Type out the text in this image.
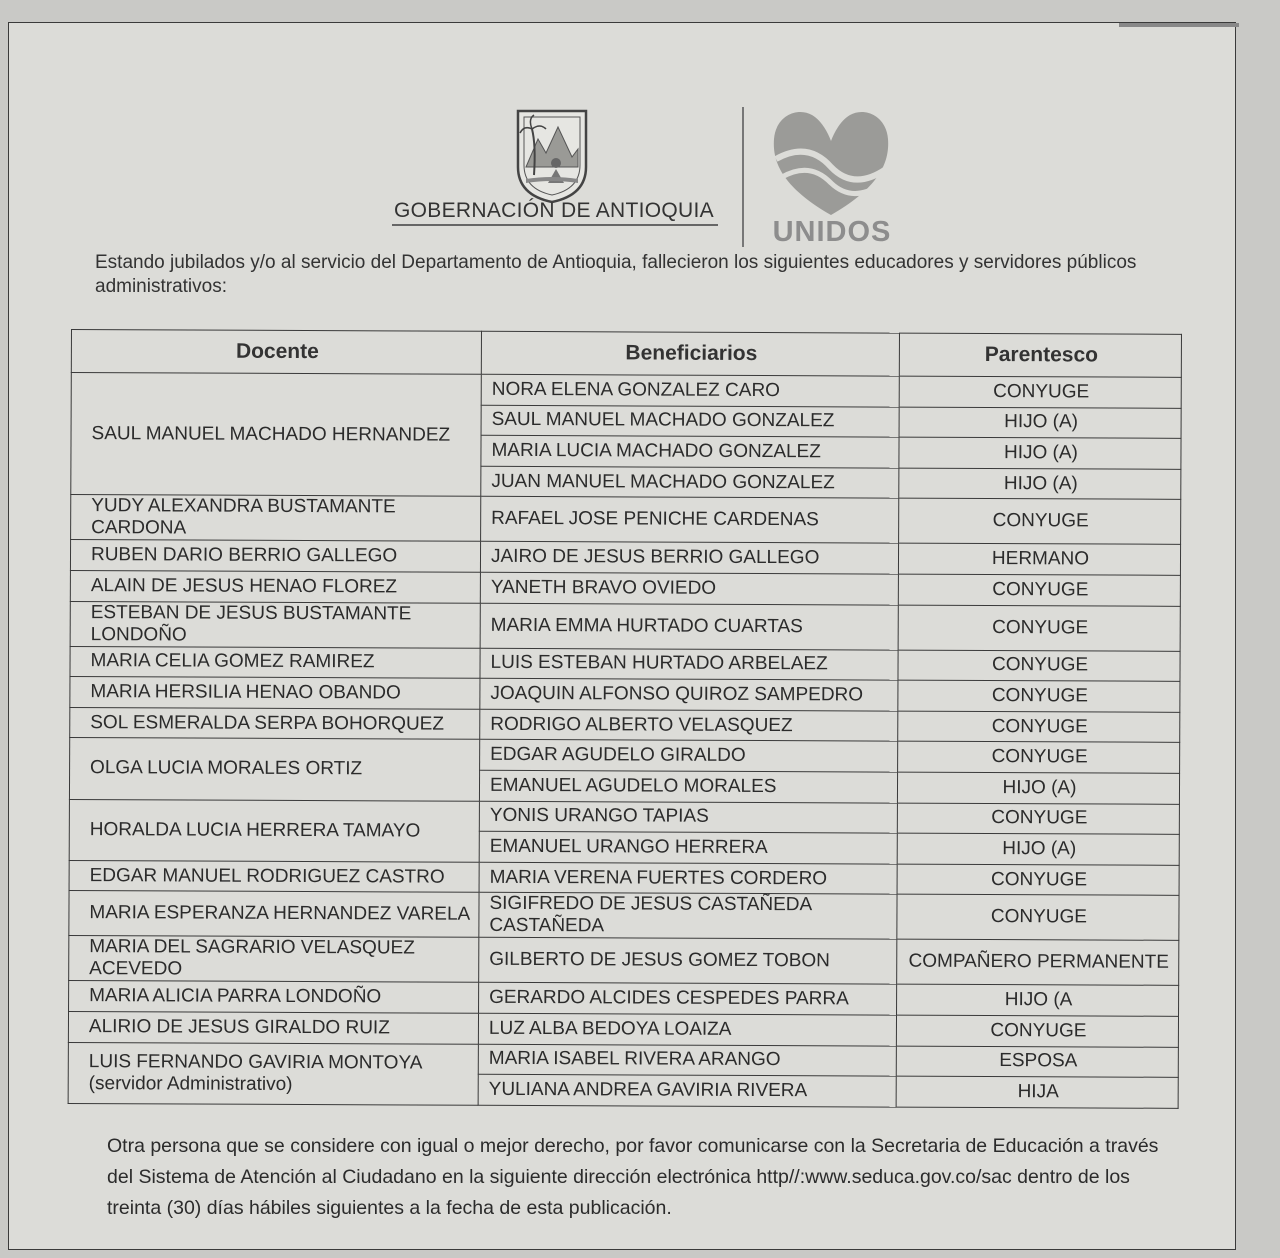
GOBERNACIÓN DE ANTIOQUIA
UNIDOS
Estando jubilados y/o al servicio del Departamento de Antioquia, fallecieron los siguientes educadores y servidores públicos administrativos:
Docente	Beneficiarios	Parentesco
SAUL MANUEL MACHADO HERNANDEZ	NORA ELENA GONZALEZ CARO	CONYUGE
	SAUL MANUEL MACHADO GONZALEZ	HIJO (A)
	MARIA LUCIA MACHADO GONZALEZ	HIJO (A)
	JUAN MANUEL MACHADO GONZALEZ	HIJO (A)
YUDY ALEXANDRA BUSTAMANTE CARDONA	RAFAEL JOSE PENICHE CARDENAS	CONYUGE
RUBEN DARIO BERRIO GALLEGO	JAIRO DE JESUS BERRIO GALLEGO	HERMANO
ALAIN DE JESUS HENAO FLOREZ	YANETH BRAVO OVIEDO	CONYUGE
ESTEBAN DE JESUS BUSTAMANTE LONDOÑO	MARIA EMMA HURTADO CUARTAS	CONYUGE
MARIA CELIA GOMEZ RAMIREZ	LUIS ESTEBAN HURTADO ARBELAEZ	CONYUGE
MARIA HERSILIA HENAO OBANDO	JOAQUIN ALFONSO QUIROZ SAMPEDRO	CONYUGE
SOL ESMERALDA SERPA BOHORQUEZ	RODRIGO ALBERTO VELASQUEZ	CONYUGE
OLGA LUCIA MORALES ORTIZ	EDGAR AGUDELO GIRALDO	CONYUGE
	EMANUEL AGUDELO MORALES	HIJO (A)
HORALDA LUCIA HERRERA TAMAYO	YONIS URANGO TAPIAS	CONYUGE
	EMANUEL URANGO HERRERA	HIJO (A)
EDGAR MANUEL RODRIGUEZ CASTRO	MARIA VERENA FUERTES CORDERO	CONYUGE
MARIA ESPERANZA HERNANDEZ VARELA	SIGIFREDO DE JESUS CASTAÑEDA CASTAÑEDA	CONYUGE
MARIA DEL SAGRARIO VELASQUEZ ACEVEDO	GILBERTO DE JESUS GOMEZ TOBON	COMPAÑERO PERMANENTE
MARIA ALICIA PARRA LONDOÑO	GERARDO ALCIDES CESPEDES PARRA	HIJO (A
ALIRIO DE JESUS GIRALDO RUIZ	LUZ ALBA BEDOYA LOAIZA	CONYUGE
LUIS FERNANDO GAVIRIA MONTOYA (servidor Administrativo)	MARIA ISABEL RIVERA ARANGO	ESPOSA
	YULIANA ANDREA GAVIRIA RIVERA	HIJA
Otra persona que se considere con igual o mejor derecho, por favor comunicarse con la Secretaria de Educación a través del Sistema de Atención al Ciudadano en la siguiente dirección electrónica http//:www.seduca.gov.co/sac dentro de los treinta (30) días hábiles siguientes a la fecha de esta publicación.
